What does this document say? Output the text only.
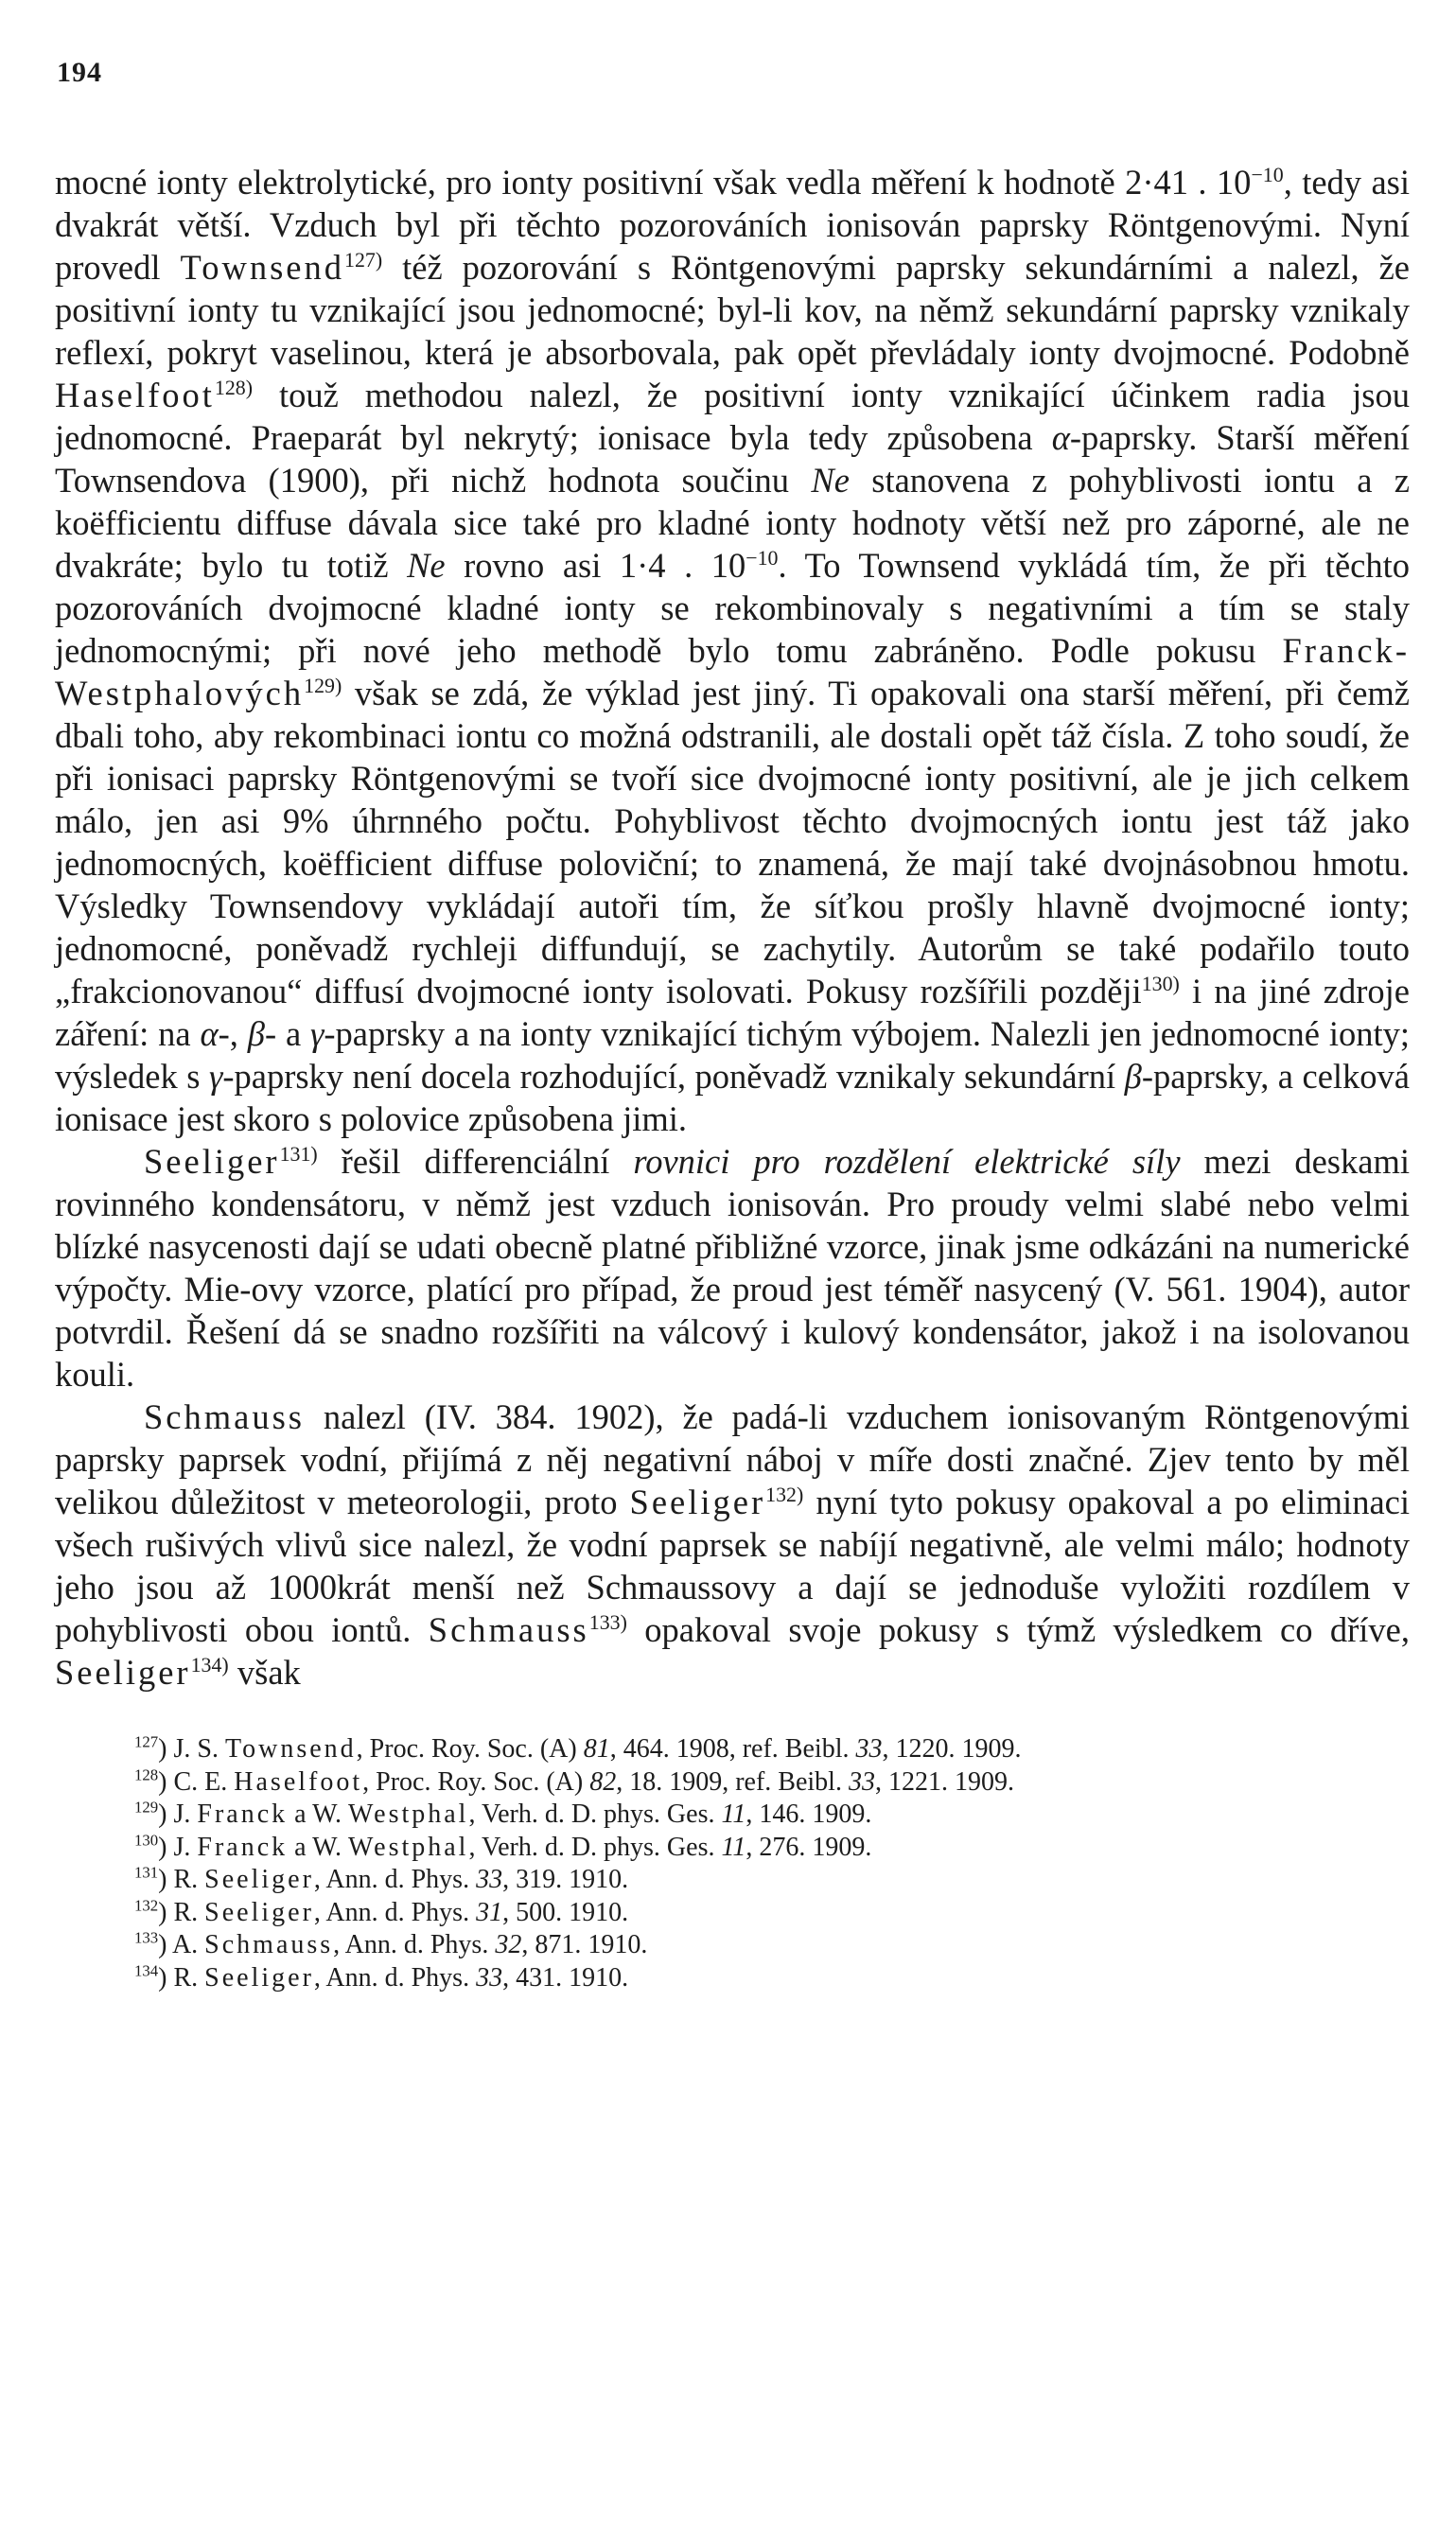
194

mocné ionty elektrolytické, pro ionty positivní však vedla měření k hodnotě 2·41 . $10^{-10}$, tedy asi dvakrát větší. Vzduch byl při těchto pozorováních ionisován paprsky Röntgenovými. Nyní provedl Townsend$^{127)}$ též pozorování s Röntgenovými paprsky sekundárními a nalezl, že positivní ionty tu vznikající jsou jednomocné; byl-li kov, na němž sekundární paprsky vznikaly reflexí, pokryt vaselinou, která je absorbovala, pak opět převládaly ionty dvojmocné. Podobně Haselfoot$^{128)}$ touž methodou nalezl, že positivní ionty vznikající účinkem radia jsou jednomocné. Praeparát byl nekrytý; ionisace byla tedy způsobena α-paprsky. Starší měření Townsendova (1900), při nichž hodnota součinu Ne stanovena z pohyblivosti iontu a z koëfficientu diffuse dávala sice také pro kladné ionty hodnoty větší než pro záporné, ale ne dvakráte; bylo tu totiž Ne rovno asi 1·4 . $10^{-10}$. To Townsend vykládá tím, že při těchto pozorováních dvojmocné kladné ionty se rekombinovaly s negativními a tím se staly jednomocnými; při nové jeho methodě bylo tomu zabráněno. Podle pokusu Franck-Westphalových$^{129)}$ však se zdá, že výklad jest jiný. Ti opakovali ona starší měření, při čemž dbali toho, aby rekombinaci iontu co možná odstranili, ale dostali opět táž čísla. Z toho soudí, že při ionisaci paprsky Röntgenovými se tvoří sice dvojmocné ionty positivní, ale je jich celkem málo, jen asi 9% úhrnného počtu. Pohyblivost těchto dvojmocných iontu jest táž jako jednomocných, koëfficient diffuse poloviční; to znamená, že mají také dvojnásobnou hmotu. Výsledky Townsendovy vykládají autoři tím, že síťkou prošly hlavně dvojmocné ionty; jednomocné, poněvadž rychleji diffundují, se zachytily. Autorům se také podařilo touto „frakcionovanou“ diffusí dvojmocné ionty isolovati. Pokusy rozšířili později$^{130)}$ i na jiné zdroje záření: na α-, β- a γ-paprsky a na ionty vznikající tichým výbojem. Nalezli jen jednomocné ionty; výsledek s γ-paprsky není docela rozhodující, poněvadž vznikaly sekundární β-paprsky, a celková ionisace jest skoro s polovice způsobena jimi.

Seeliger$^{131)}$ řešil differenciální rovnici pro rozdělení elektrické síly mezi deskami rovinného kondensátoru, v němž jest vzduch ionisován. Pro proudy velmi slabé nebo velmi blízké nasycenosti dají se udati obecně platné přibližné vzorce, jinak jsme odkázáni na numerické výpočty. Mie-ovy vzorce, platící pro případ, že proud jest téměř nasycený (V. 561. 1904), autor potvrdil. Řešení dá se snadno rozšířiti na válcový i kulový kondensátor, jakož i na isolovanou kouli.

Schmauss nalezl (IV. 384. 1902), že padá-li vzduchem ionisovaným Röntgenovými paprsky paprsek vodní, přijímá z něj negativní náboj v míře dosti značné. Zjev tento by měl velikou důležitost v meteorologii, proto Seeliger$^{132)}$ nyní tyto pokusy opakoval a po eliminaci všech rušivých vlivů sice nalezl, že vodní paprsek se nabíjí negativně, ale velmi málo; hodnoty jeho jsou až 1000krát menší než Schmaussovy a dají se jednoduše vyložiti rozdílem v pohyblivosti obou iontů. Schmauss$^{133)}$ opakoval svoje pokusy s týmž výsledkem co dříve, Seeliger$^{134)}$ však

$^{127}$) J. S. Townsend, Proc. Roy. Soc. (A) 81, 464. 1908, ref. Beibl. 33, 1220. 1909.

$^{128}$) C. E. Haselfoot, Proc. Roy. Soc. (A) 82, 18. 1909, ref. Beibl. 33, 1221. 1909.

$^{129}$) J. Franck a W. Westphal, Verh. d. D. phys. Ges. 11, 146. 1909.

$^{130}$) J. Franck a W. Westphal, Verh. d. D. phys. Ges. 11, 276. 1909.

$^{131}$) R. Seeliger, Ann. d. Phys. 33, 319. 1910.

$^{132}$) R. Seeliger, Ann. d. Phys. 31, 500. 1910.

$^{133}$) A. Schmauss, Ann. d. Phys. 32, 871. 1910.

$^{134}$) R. Seeliger, Ann. d. Phys. 33, 431. 1910.
